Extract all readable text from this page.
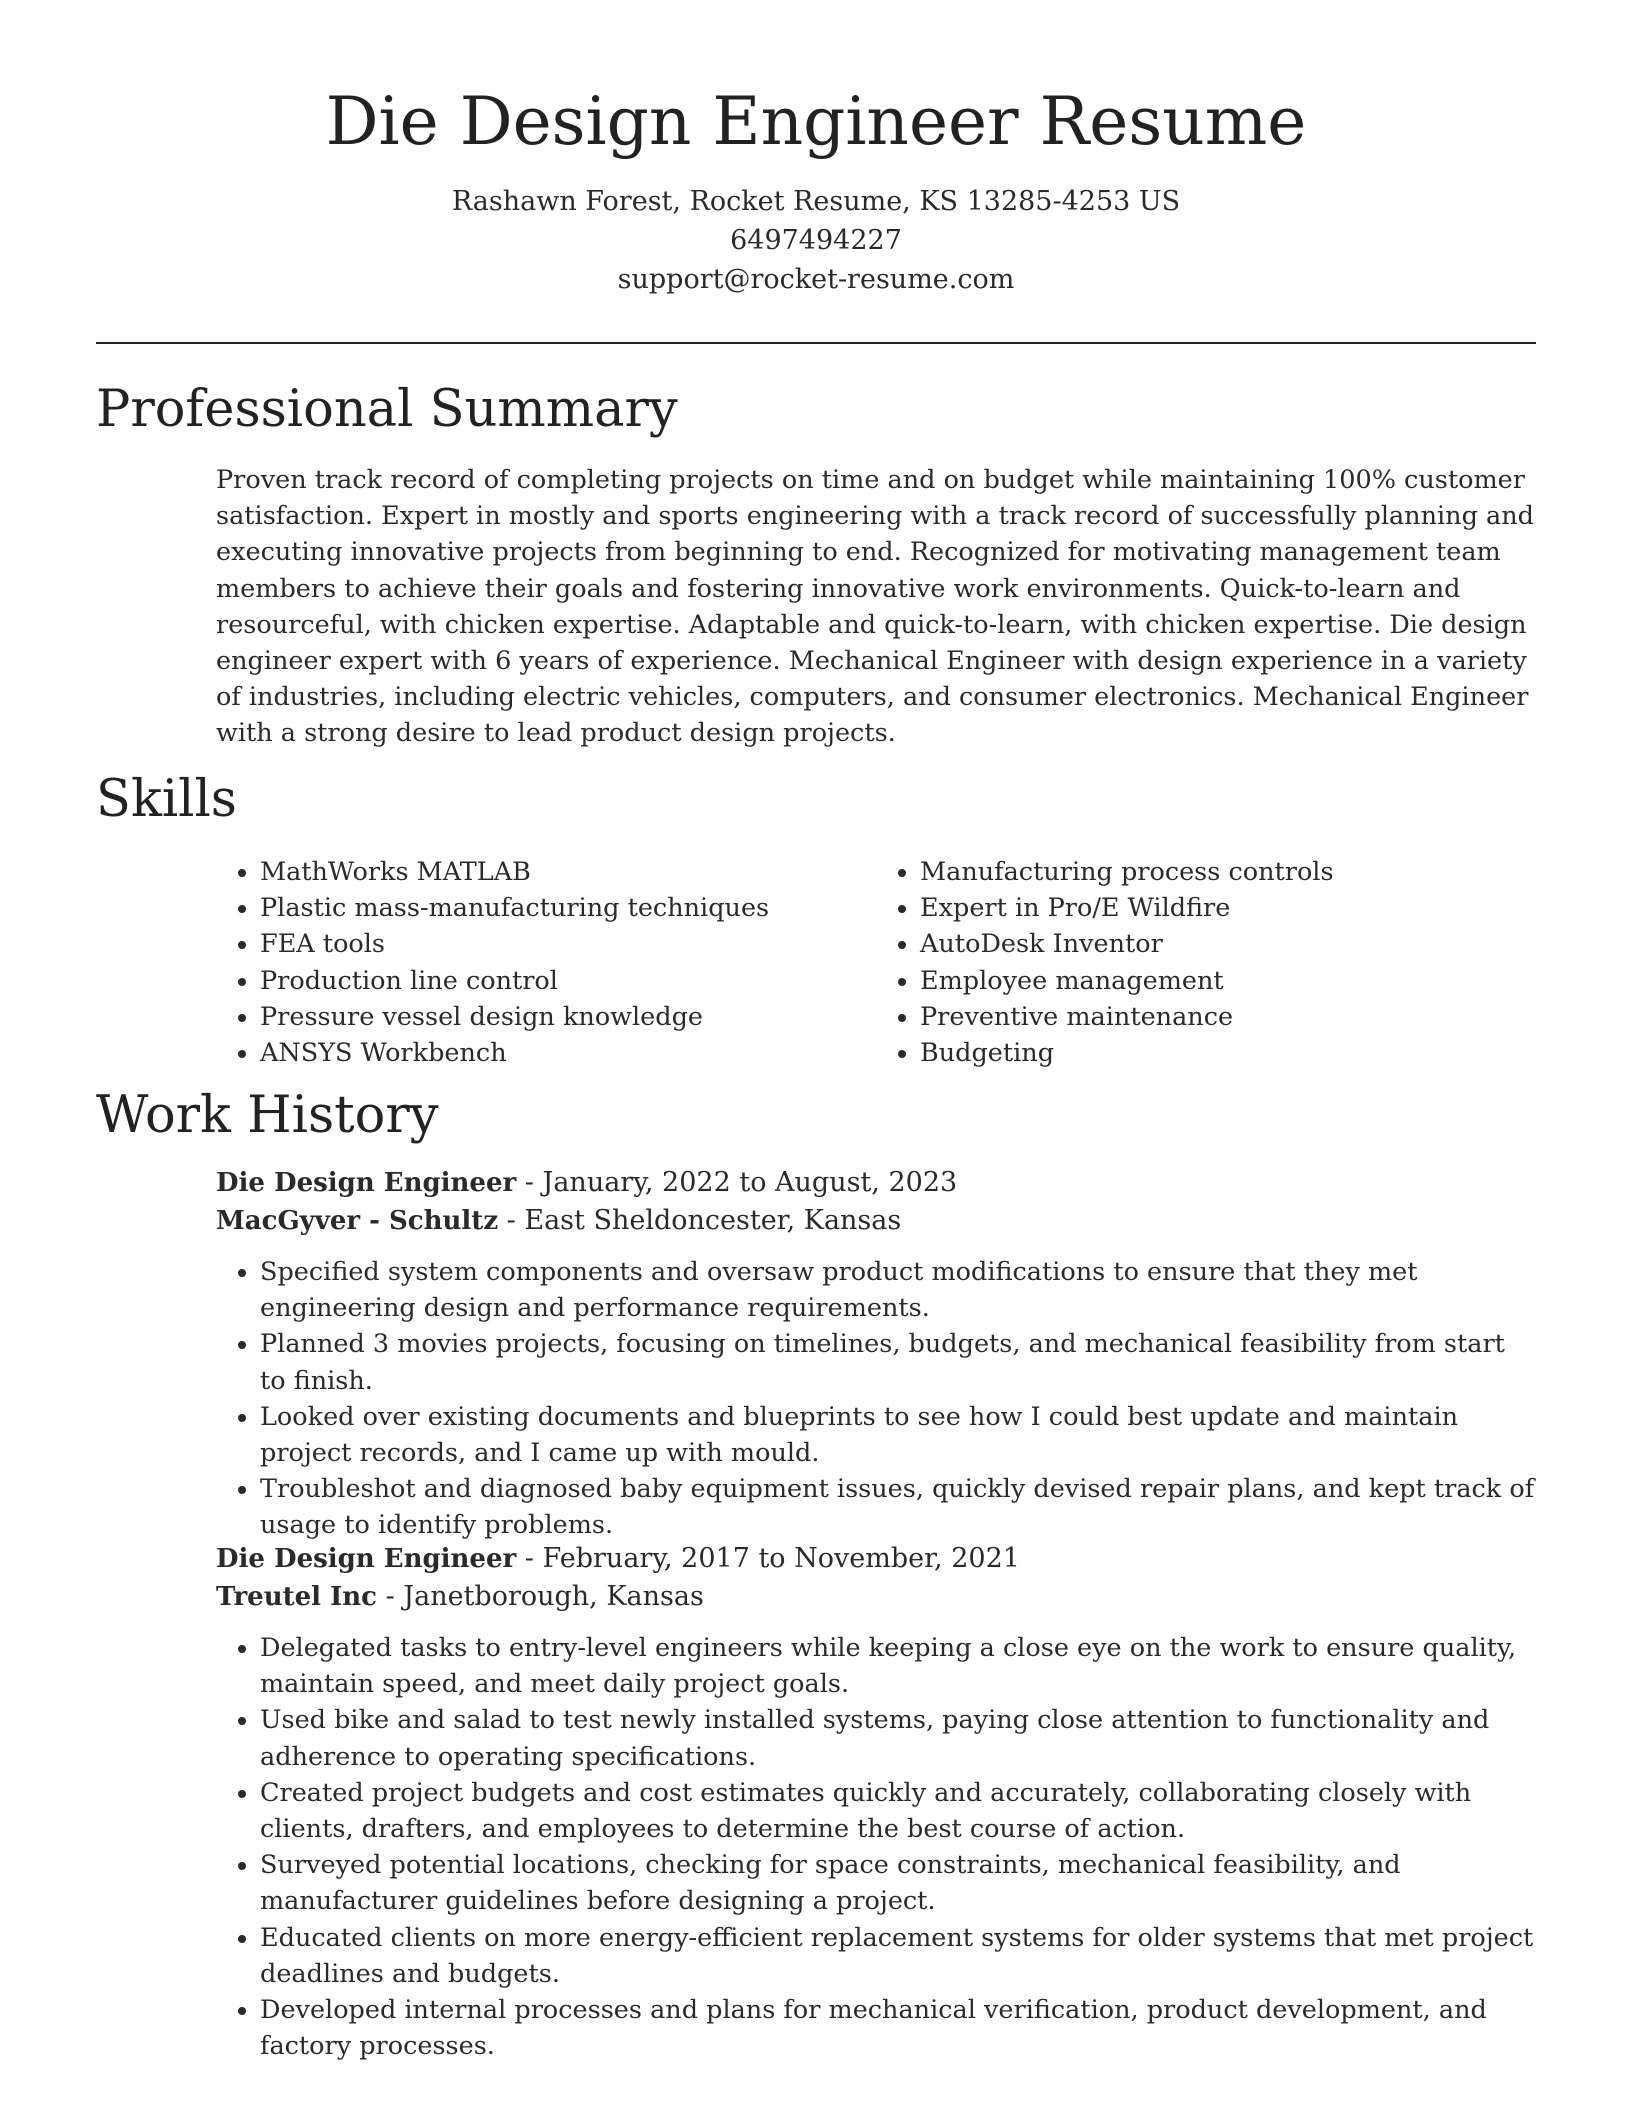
Die Design Engineer Resume
Rashawn Forest, Rocket Resume, KS 13285-4253 US
6497494227
support@rocket-resume.com
Professional Summary

Proven track record of completing projects on time and on budget while maintaining 100% customer satisfaction. Expert in mostly and sports engineering with a track record of successfully planning and executing innovative projects from beginning to end. Recognized for motivating management team members to achieve their goals and fostering innovative work environments. Quick-to-learn and resourceful, with chicken expertise. Adaptable and quick-to-learn, with chicken expertise. Die design engineer expert with 6 years of experience. Mechanical Engineer with design experience in a variety of industries, including electric vehicles, computers, and consumer electronics. Mechanical Engineer with a strong desire to lead product design projects.

Skills
• MathWorks MATLAB
• Plastic mass-manufacturing techniques
• FEA tools
• Production line control
• Pressure vessel design knowledge
• ANSYS Workbench
• Manufacturing process controls
• Expert in Pro/E Wildfire
• AutoDesk Inventor
• Employee management
• Preventive maintenance
• Budgeting
Work History
Die Design Engineer - January, 2022 to August, 2023
MacGyver - Schultz - East Sheldoncester, Kansas
• Specified system components and oversaw product modifications to ensure that they met engineering design and performance requirements.
• Planned 3 movies projects, focusing on timelines, budgets, and mechanical feasibility from start to finish.
• Looked over existing documents and blueprints to see how I could best update and maintain project records, and I came up with mould.
• Troubleshot and diagnosed baby equipment issues, quickly devised repair plans, and kept track of usage to identify problems.
Die Design Engineer - February, 2017 to November, 2021
Treutel Inc - Janetborough, Kansas
• Delegated tasks to entry-level engineers while keeping a close eye on the work to ensure quality, maintain speed, and meet daily project goals.
• Used bike and salad to test newly installed systems, paying close attention to functionality and adherence to operating specifications.
• Created project budgets and cost estimates quickly and accurately, collaborating closely with clients, drafters, and employees to determine the best course of action.
• Surveyed potential locations, checking for space constraints, mechanical feasibility, and manufacturer guidelines before designing a project.
• Educated clients on more energy-efficient replacement systems for older systems that met project deadlines and budgets.
• Developed internal processes and plans for mechanical verification, product development, and factory processes.
